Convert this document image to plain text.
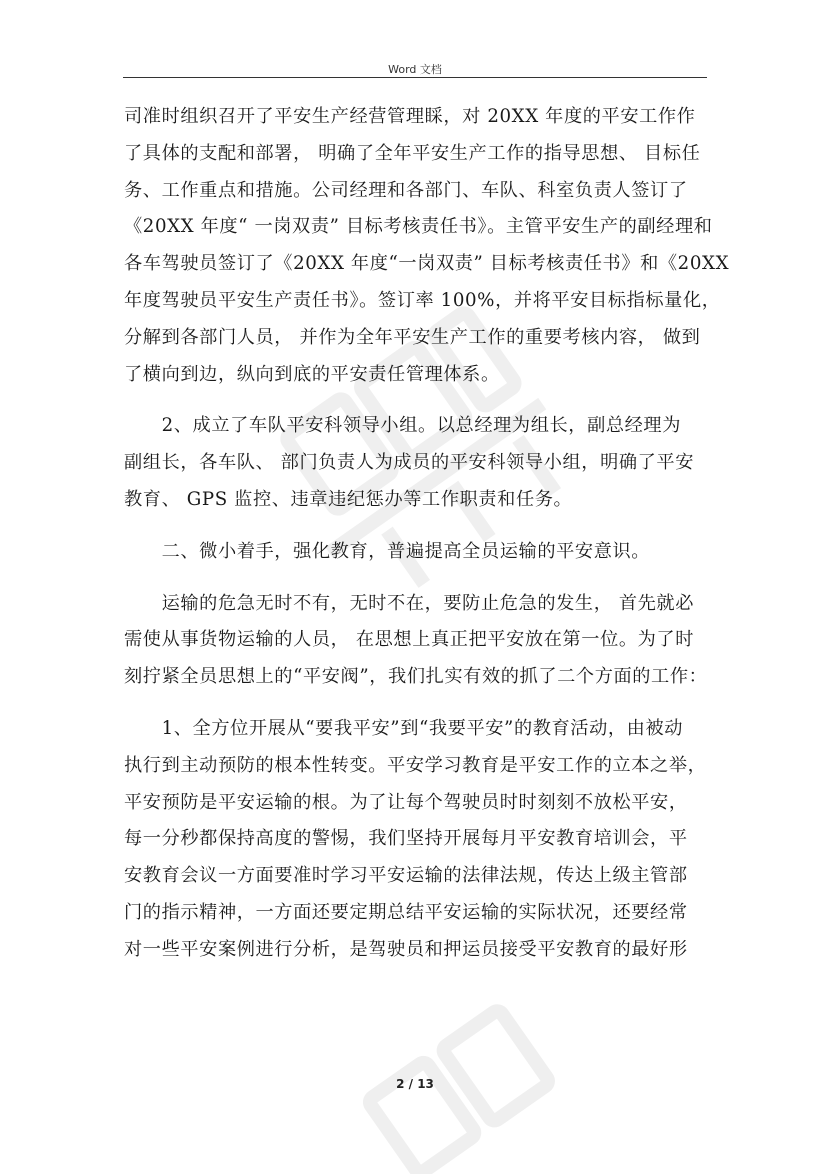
Word 文档

司准时组织召开了平安生产经营管理睬，对 20XX 年度的平安工作作
了具体的支配和部署， 明确了全年平安生产工作的指导思想、 目标任
务、工作重点和措施。公司经理和各部门、车队、科室负责人签订了
《20XX 年度“ 一岗双责” 目标考核责任书》。主管平安生产的副经理和
各车驾驶员签订了《20XX 年度“一岗双责” 目标考核责任书》和《20XX
年度驾驶员平安生产责任书》。签订率 100%，并将平安目标指标量化，
分解到各部门人员， 并作为全年平安生产工作的重要考核内容， 做到
了横向到边，纵向到底的平安责任管理体系。

　　2、成立了车队平安科领导小组。以总经理为组长，副总经理为
副组长，各车队、 部门负责人为成员的平安科领导小组，明确了平安
教育、 GPS 监控、违章违纪惩办等工作职责和任务。

　　二、微小着手，强化教育，普遍提高全员运输的平安意识。

　　运输的危急无时不有，无时不在，要防止危急的发生， 首先就必
需使从事货物运输的人员， 在思想上真正把平安放在第一位。为了时
刻拧紧全员思想上的“平安阀”，我们扎实有效的抓了二个方面的工作：

　　1、全方位开展从“要我平安”到“我要平安”的教育活动，由被动
执行到主动预防的根本性转变。平安学习教育是平安工作的立本之举，
平安预防是平安运输的根。为了让每个驾驶员时时刻刻不放松平安，
每一分秒都保持高度的警惕，我们坚持开展每月平安教育培训会，平
安教育会议一方面要准时学习平安运输的法律法规，传达上级主管部
门的指示精神，一方面还要定期总结平安运输的实际状况，还要经常
对一些平安案例进行分析，是驾驶员和押运员接受平安教育的最好形

2 / 13
